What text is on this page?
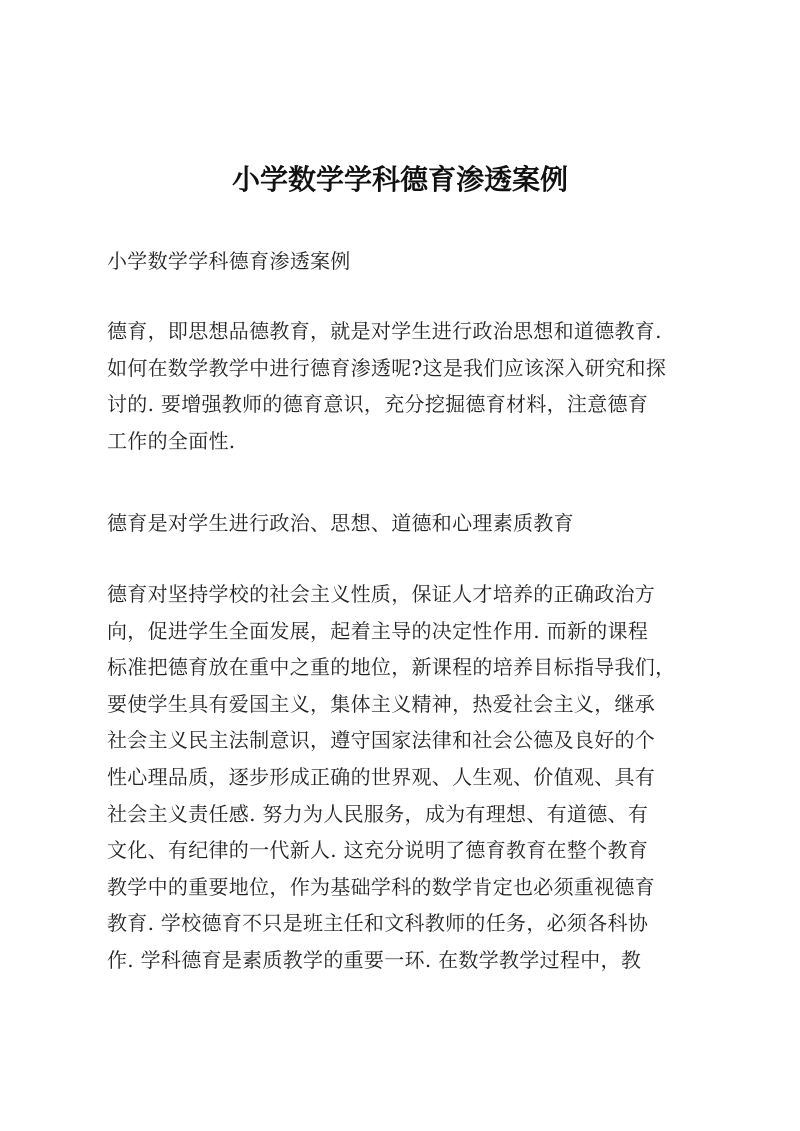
小学数学学科德育渗透案例

小学数学学科德育渗透案例

德育，即思想品德教育，就是对学生进行政治思想和道德教育.
如何在数学教学中进行德育渗透呢?这是我们应该深入研究和探
讨的. 要增强教师的德育意识，充分挖掘德育材料，注意德育
工作的全面性.

德育是对学生进行政治、思想、道德和心理素质教育

德育对坚持学校的社会主义性质，保证人才培养的正确政治方
向，促进学生全面发展，起着主导的决定性作用. 而新的课程
标准把德育放在重中之重的地位，新课程的培养目标指导我们，
要使学生具有爱国主义，集体主义精神，热爱社会主义，继承
社会主义民主法制意识，遵守国家法律和社会公德及良好的个
性心理品质，逐步形成正确的世界观、人生观、价值观、具有
社会主义责任感. 努力为人民服务，成为有理想、有道德、有
文化、有纪律的一代新人. 这充分说明了德育教育在整个教育
教学中的重要地位，作为基础学科的数学肯定也必须重视德育
教育. 学校德育不只是班主任和文科教师的任务，必须各科协
作. 学科德育是素质教学的重要一环. 在数学教学过程中，教
